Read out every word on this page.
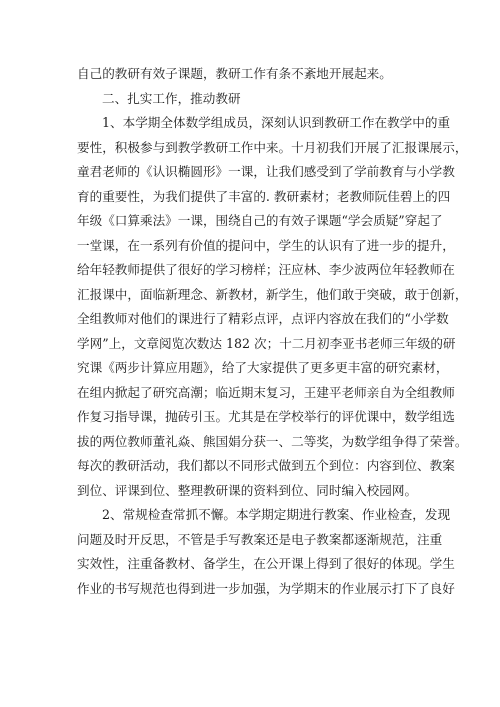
自己的教研有效子课题，教研工作有条不紊地开展起来。
二、扎实工作，推动教研
1、本学期全体数学组成员，深刻认识到教研工作在教学中的重
要性，积极参与到教学教研工作中来。十月初我们开展了汇报课展示，
童君老师的《认识椭圆形》一课，让我们感受到了学前教育与小学教
育的重要性，为我们提供了丰富的. 教研素材；老教师阮佳碧上的四
年级《口算乘法》一课，围绕自己的有效子课题“学会质疑”穿起了
一堂课，在一系列有价值的提问中，学生的认识有了进一步的提升，
给年轻教师提供了很好的学习榜样；汪应林、李少波两位年轻教师在
汇报课中，面临新理念、新教材，新学生，他们敢于突破，敢于创新，
全组教师对他们的课进行了精彩点评，点评内容放在我们的“小学数
学网”上，文章阅览次数达 182 次；十二月初李亚书老师三年级的研
究课《两步计算应用题》，给了大家提供了更多更丰富的研究素材，
在组内掀起了研究高潮；临近期末复习，王建平老师亲自为全组教师
作复习指导课，抛砖引玉。尤其是在学校举行的评优课中，数学组选
拔的两位教师董礼焱、熊国娟分获一、二等奖，为数学组争得了荣誉。
每次的教研活动，我们都以不同形式做到五个到位：内容到位、教案
到位、评课到位、整理教研课的资料到位、同时编入校园网。
2、常规检查常抓不懈。本学期定期进行教案、作业检查，发现
问题及时开反思，不管是手写教案还是电子教案都逐渐规范，注重
实效性，注重备教材、备学生，在公开课上得到了很好的体现。学生
作业的书写规范也得到进一步加强，为学期末的作业展示打下了良好
